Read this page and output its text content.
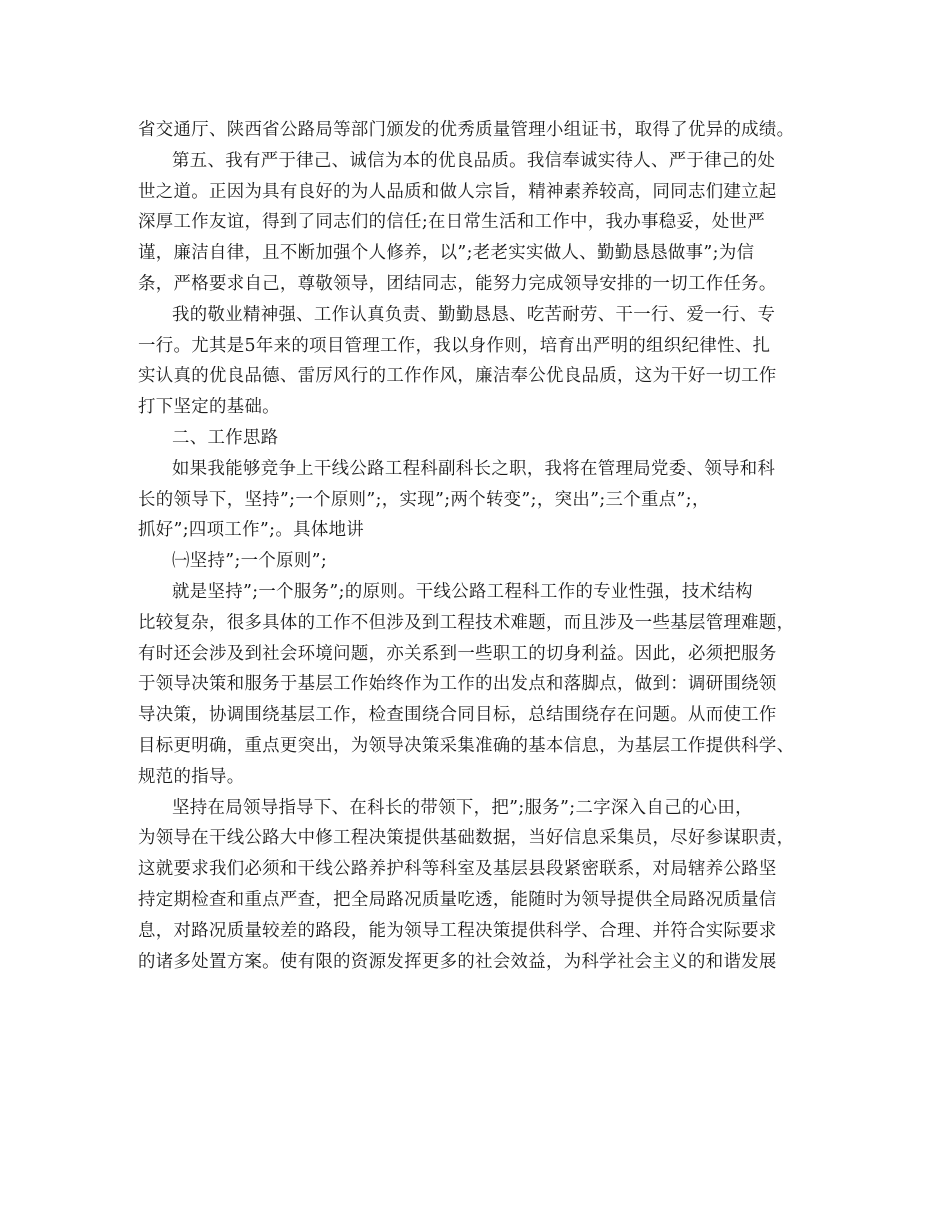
省交通厅、陕西省公路局等部门颁发的优秀质量管理小组证书，取得了优异的成绩。
第五、我有严于律己、诚信为本的优良品质。我信奉诚实待人、严于律己的处
世之道。正因为具有良好的为人品质和做人宗旨，精神素养较高，同同志们建立起
深厚工作友谊，得到了同志们的信任;在日常生活和工作中，我办事稳妥，处世严
谨，廉洁自律，且不断加强个人修养，以”;老老实实做人、勤勤恳恳做事”;为信
条，严格要求自己，尊敬领导，团结同志，能努力完成领导安排的一切工作任务。
我的敬业精神强、工作认真负责、勤勤恳恳、吃苦耐劳、干一行、爱一行、专
一行。尤其是5年来的项目管理工作，我以身作则，培育出严明的组织纪律性、扎
实认真的优良品德、雷厉风行的工作作风，廉洁奉公优良品质，这为干好一切工作
打下坚定的基础。
二、工作思路
如果我能够竞争上干线公路工程科副科长之职，我将在管理局党委、领导和科
长的领导下，坚持”;一个原则”;，实现”;两个转变”;，突出”;三个重点”;，
抓好”;四项工作”;。具体地讲
㈠坚持”;一个原则”;
就是坚持”;一个服务”;的原则。干线公路工程科工作的专业性强，技术结构
比较复杂，很多具体的工作不但涉及到工程技术难题，而且涉及一些基层管理难题，
有时还会涉及到社会环境问题，亦关系到一些职工的切身利益。因此，必须把服务
于领导决策和服务于基层工作始终作为工作的出发点和落脚点，做到：调研围绕领
导决策，协调围绕基层工作，检查围绕合同目标，总结围绕存在问题。从而使工作
目标更明确，重点更突出，为领导决策采集准确的基本信息，为基层工作提供科学、
规范的指导。
坚持在局领导指导下、在科长的带领下，把”;服务”;二字深入自己的心田，
为领导在干线公路大中修工程决策提供基础数据，当好信息采集员，尽好参谋职责，
这就要求我们必须和干线公路养护科等科室及基层县段紧密联系，对局辖养公路坚
持定期检查和重点严查，把全局路况质量吃透，能随时为领导提供全局路况质量信
息，对路况质量较差的路段，能为领导工程决策提供科学、合理、并符合实际要求
的诸多处置方案。使有限的资源发挥更多的社会效益，为科学社会主义的和谐发展
